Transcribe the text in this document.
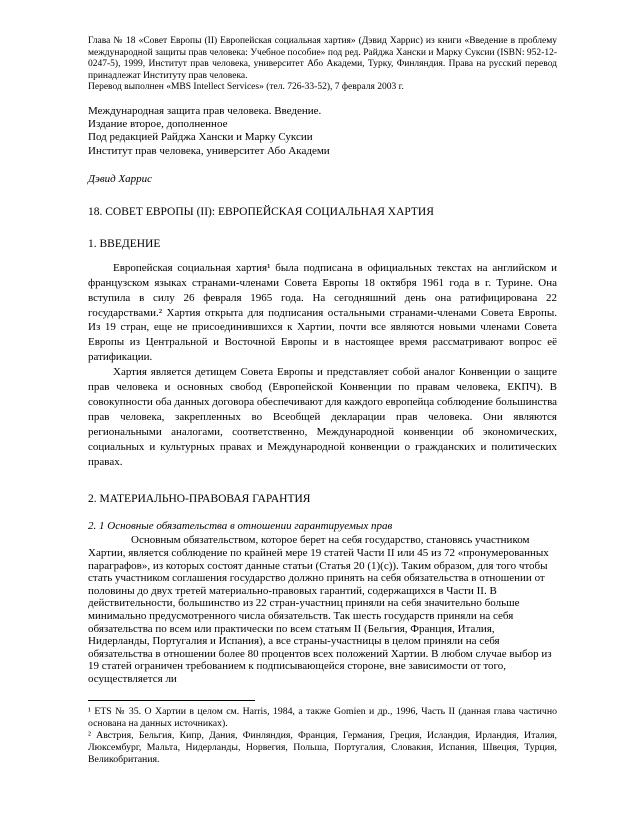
Глава № 18 «Совет Европы (II) Европейская социальная хартия» (Дэвид Харрис) из книги «Введение в проблему международной защиты прав человека: Учебное пособие» под ред. Райджа Хански и Марку Суксии (ISBN: 952-12-0247-5), 1999, Институт прав человека, университет Або Академи, Турку, Финляндия. Права на русский перевод принадлежат Институту прав человека.
Перевод выполнен «MBS Intellect Services» (тел. 726-33-52), 7 февраля 2003 г.
Международная защита прав человека. Введение.
Издание второе, дополненное
Под редакцией Райджа Хански и Марку Суксии
Институт прав человека, университет Або Академи
Дэвид Харрис
18. СОВЕТ ЕВРОПЫ (II): ЕВРОПЕЙСКАЯ СОЦИАЛЬНАЯ ХАРТИЯ
1. ВВЕДЕНИЕ
Европейская социальная хартия¹ была подписана в официальных текстах на английском и французском языках странами-членами Совета Европы 18 октября 1961 года в г. Турине. Она вступила в силу 26 февраля 1965 года. На сегодняшний день она ратифицирована 22 государствами.² Хартия открыта для подписания остальными странами-членами Совета Европы. Из 19 стран, еще не присоединившихся к Хартии, почти все являются новыми членами Совета Европы из Центральной и Восточной Европы и в настоящее время рассматривают вопрос её ратификации.
Хартия является детищем Совета Европы и представляет собой аналог Конвенции о защите прав человека и основных свобод (Европейской Конвенции по правам человека, ЕКПЧ). В совокупности оба данных договора обеспечивают для каждого европейца соблюдение большинства прав человека, закрепленных во Всеобщей декларации прав человека. Они являются региональными аналогами, соответственно, Международной конвенции об экономических, социальных и культурных правах и Международной конвенции о гражданских и политических правах.
2. МАТЕРИАЛЬНО-ПРАВОВАЯ ГАРАНТИЯ
2. 1 Основные обязательства в отношении гарантируемых прав
Основным обязательством, которое берет на себя государство, становясь участником Хартии, является соблюдение по крайней мере 19 статей Части II или 45 из 72 «пронумерованных параграфов», из которых состоят данные статьи (Статья 20 (1)(с)). Таким образом, для того чтобы стать участником соглашения государство должно принять на себя обязательства в отношении от половины до двух третей материально-правовых гарантий, содержащихся в Части II. В действительности, большинство из 22 стран-участниц приняли на себя значительно больше минимально предусмотренного числа обязательств. Так шесть государств приняли на себя обязательства по всем или практически по всем статьям II (Бельгия, Франция, Италия, Нидерланды, Португалия и Испания), а все страны-участницы в целом приняли на себя обязательства в отношении более 80 процентов всех положений Хартии. В любом случае выбор из 19 статей ограничен требованием к подписывающейся стороне, вне зависимости от того, осуществляется ли
¹ ETS № 35. О Хартии в целом см. Harris, 1984, а также Gomien и др., 1996, Часть II (данная глава частично основана на данных источниках).
² Австрия, Бельгия, Кипр, Дания, Финляндия, Франция, Германия, Греция, Исландия, Ирландия, Италия, Люксембург, Мальта, Нидерланды, Норвегия, Польша, Португалия, Словакия, Испания, Швеция, Турция, Великобритания.
